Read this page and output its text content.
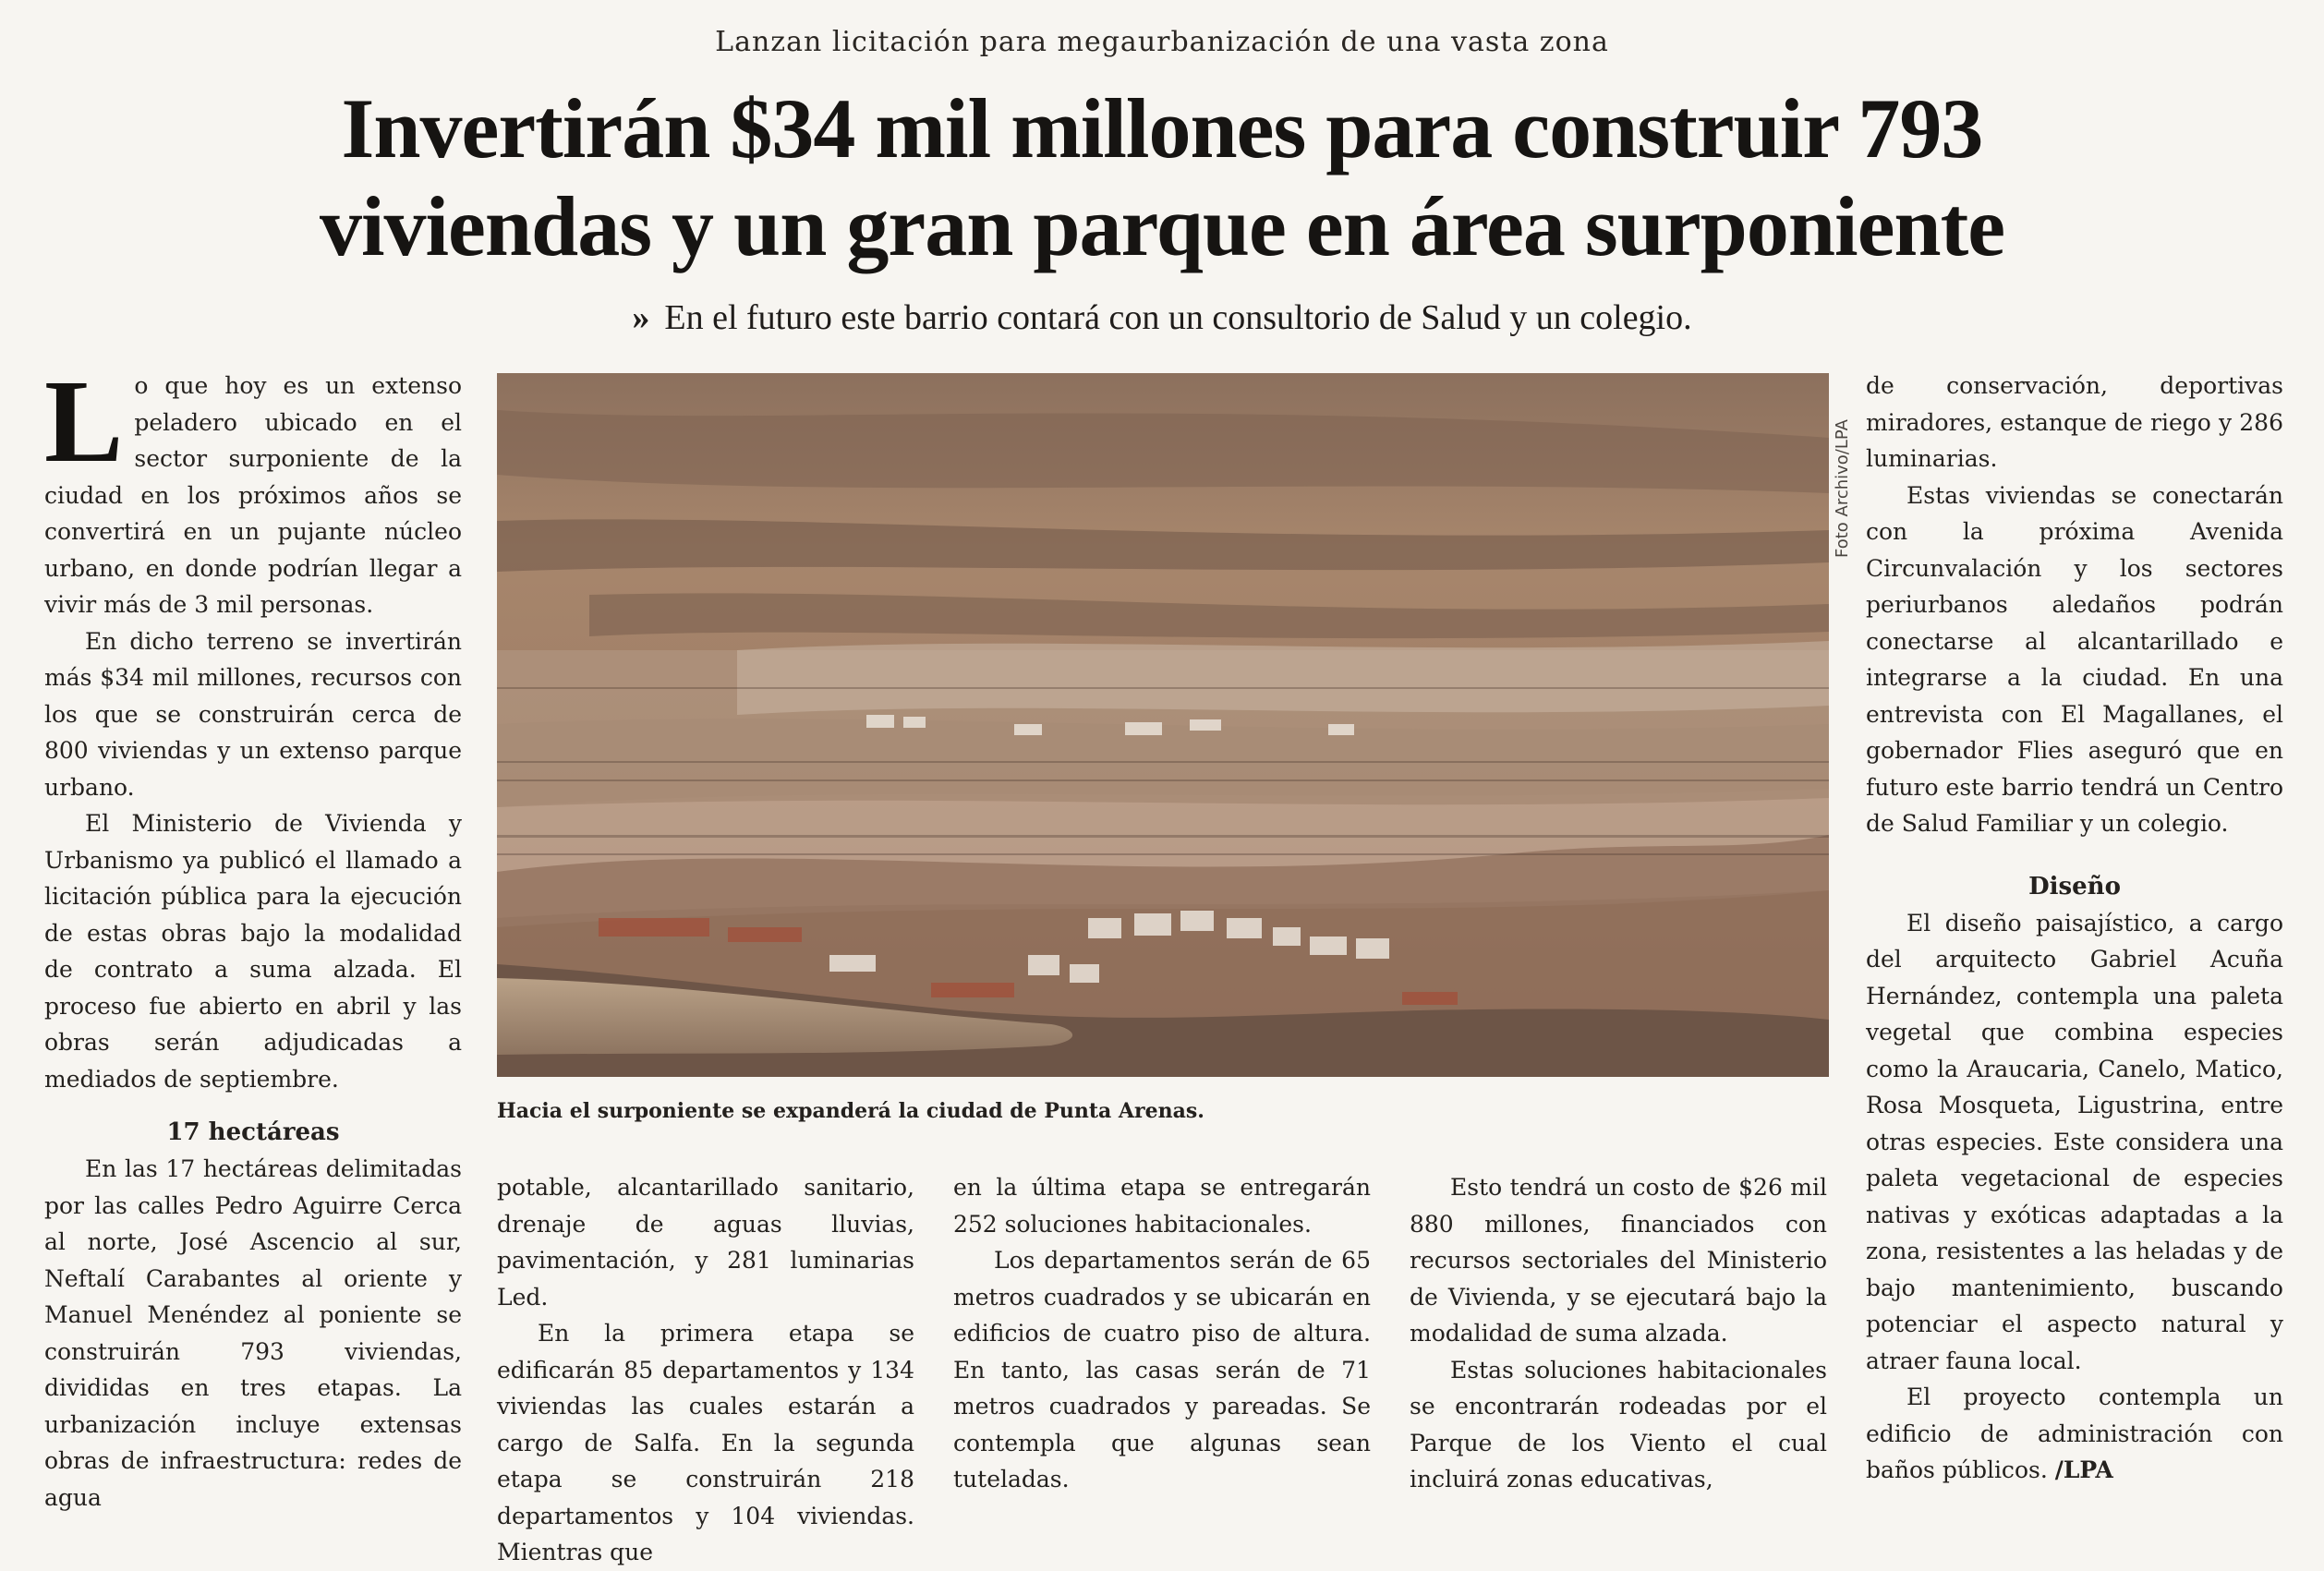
Lanzan licitación para megaurbanización de una vasta zona
Invertirán $34 mil millones para construir 793
viviendas y un gran parque en área surponiente
» En el futuro este barrio contará con un consultorio de Salud y un colegio.

Lo que hoy es un extenso peladero ubicado en el sector surponiente de la ciudad en los próximos años se convertirá en un pujante núcleo urbano, en donde podrían llegar a vivir más de 3 mil personas.

En dicho terreno se invertirán más $34 mil millones, recursos con los que se construirán cerca de 800 viviendas y un extenso parque urbano.

El Ministerio de Vivienda y Urbanismo ya publicó el llamado a licitación pública para la ejecución de estas obras bajo la modalidad de contrato a suma alzada. El proceso fue abierto en abril y las obras serán adjudicadas a mediados de septiembre.

17 hectáreas

En las 17 hectáreas delimitadas por las calles Pedro Aguirre Cerca al norte, José Ascencio al sur, Neftalí Carabantes al oriente y Manuel Menéndez al poniente se construirán 793 viviendas, divididas en tres etapas. La urbanización incluye extensas obras de infraestructura: redes de agua

Foto Archivo/LPA
Hacia el surponiente se expanderá la ciudad de Punta Arenas.

potable, alcantarillado sanitario, drenaje de aguas lluvias, pavimentación, y 281 luminarias Led.

En la primera etapa se edificarán 85 departamentos y 134 viviendas las cuales estarán a cargo de Salfa. En la segunda etapa se construirán 218 departamentos y 104 viviendas. Mientras que

en la última etapa se entregarán 252 soluciones habitacionales.

Los departamentos serán de 65 metros cuadrados y se ubicarán en edificios de cuatro piso de altura. En tanto, las casas serán de 71 metros cuadrados y pareadas. Se contempla que algunas sean tuteladas.

Esto tendrá un costo de $26 mil 880 millones, financiados con recursos sectoriales del Ministerio de Vivienda, y se ejecutará bajo la modalidad de suma alzada.

Estas soluciones habitacionales se encontrarán rodeadas por el Parque de los Viento el cual incluirá zonas educativas,

de conservación, deportivas miradores, estanque de riego y 286 luminarias.

Estas viviendas se conectarán con la próxima Avenida Circunvalación y los sectores periurbanos aledaños podrán conectarse al alcantarillado e integrarse a la ciudad. En una entrevista con El Magallanes, el gobernador Flies aseguró que en futuro este barrio tendrá un Centro de Salud Familiar y un colegio.

Diseño

El diseño paisajístico, a cargo del arquitecto Gabriel Acuña Hernández, contempla una paleta vegetal que combina especies como la Araucaria, Canelo, Matico, Rosa Mosqueta, Ligustrina, entre otras especies. Este considera una paleta vegetacional de especies nativas y exóticas adaptadas a la zona, resistentes a las heladas y de bajo mantenimiento, buscando potenciar el aspecto natural y atraer fauna local.

El proyecto contempla un edificio de administración con baños públicos. /LPA
